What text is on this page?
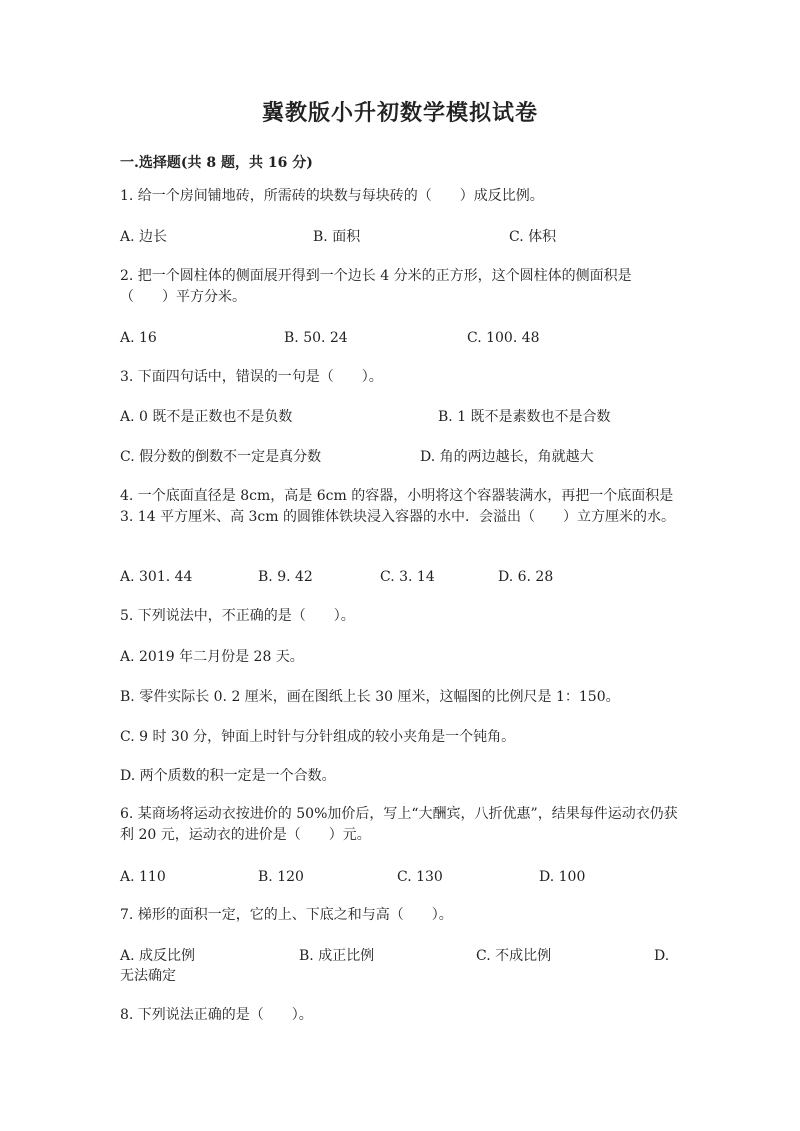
冀教版小升初数学模拟试卷
一.选择题(共 8 题，共 16 分)
1. 给一个房间铺地砖，所需砖的块数与每块砖的（　　）成反比例。
A. 边长	B. 面积	C. 体积
2. 把一个圆柱体的侧面展开得到一个边长 4 分米的正方形，这个圆柱体的侧面积是（　　）平方分米。
A. 16	B. 50. 24	C. 100. 48
3. 下面四句话中，错误的一句是（　　）。
A. 0 既不是正数也不是负数	B. 1 既不是素数也不是合数
C. 假分数的倒数不一定是真分数	D. 角的两边越长，角就越大
4. 一个底面直径是 8cm，高是 6cm 的容器，小明将这个容器装满水，再把一个底面积是 3. 14 平方厘米、高 3cm 的圆锥体铁块浸入容器的水中．会溢出（　　）立方厘米的水。
A. 301. 44	B. 9. 42	C. 3. 14	D. 6. 28
5. 下列说法中，不正确的是（　　）。
A. 2019 年二月份是 28 天。
B. 零件实际长 0. 2 厘米，画在图纸上长 30 厘米，这幅图的比例尺是 1：150。
C. 9 时 30 分，钟面上时针与分针组成的较小夹角是一个钝角。
D. 两个质数的积一定是一个合数。
6. 某商场将运动衣按进价的 50%加价后，写上“大酬宾，八折优惠”，结果每件运动衣仍获利 20 元，运动衣的进价是（　　）元。
A. 110	B. 120	C. 130	D. 100
7. 梯形的面积一定，它的上、下底之和与高（　　）。
A. 成反比例	B. 成正比例	C. 不成比例	D. 无法确定
8. 下列说法正确的是（　　）。
